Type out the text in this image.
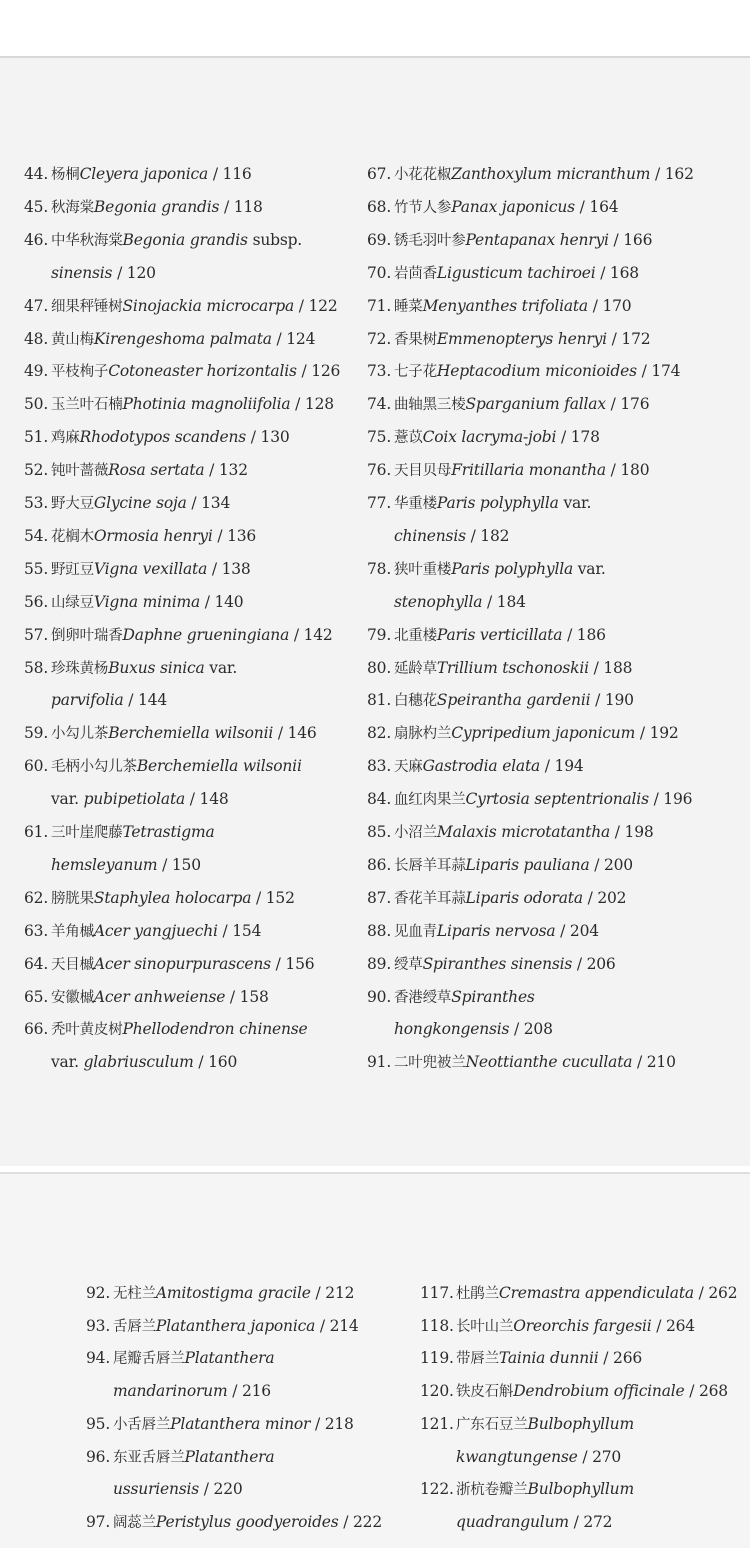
44. 杨桐Cleyera japonica / 116
45. 秋海棠Begonia grandis / 118
46. 中华秋海棠Begonia grandis subsp.
sinensis / 120
47. 细果秤锤树Sinojackia microcarpa / 122
48. 黄山梅Kirengeshoma palmata / 124
49. 平枝栒子Cotoneaster horizontalis / 126
50. 玉兰叶石楠Photinia magnoliifolia / 128
51. 鸡麻Rhodotypos scandens / 130
52. 钝叶蔷薇Rosa sertata / 132
53. 野大豆Glycine soja / 134
54. 花榈木Ormosia henryi / 136
55. 野豇豆Vigna vexillata / 138
56. 山绿豆Vigna minima / 140
57. 倒卵叶瑞香Daphne grueningiana / 142
58. 珍珠黄杨Buxus sinica var.
parvifolia / 144
59. 小勾儿茶Berchemiella wilsonii / 146
60. 毛柄小勾儿茶Berchemiella wilsonii
var. pubipetiolata / 148
61. 三叶崖爬藤Tetrastigma
hemsleyanum / 150
62. 膀胱果Staphylea holocarpa / 152
63. 羊角槭Acer yangjuechi / 154
64. 天目槭Acer sinopurpurascens / 156
65. 安徽槭Acer anhweiense / 158
66. 秃叶黄皮树Phellodendron chinense
var. glabriusculum / 160
67. 小花花椒Zanthoxylum micranthum / 162
68. 竹节人参Panax japonicus / 164
69. 锈毛羽叶参Pentapanax henryi / 166
70. 岩茴香Ligusticum tachiroei / 168
71. 睡菜Menyanthes trifoliata / 170
72. 香果树Emmenopterys henryi / 172
73. 七子花Heptacodium miconioides / 174
74. 曲轴黑三棱Sparganium fallax / 176
75. 薏苡Coix lacryma-jobi / 178
76. 天目贝母Fritillaria monantha / 180
77. 华重楼Paris polyphylla var.
chinensis / 182
78. 狭叶重楼Paris polyphylla var.
stenophylla / 184
79. 北重楼Paris verticillata / 186
80. 延龄草Trillium tschonoskii / 188
81. 白穗花Speirantha gardenii / 190
82. 扇脉杓兰Cypripedium japonicum / 192
83. 天麻Gastrodia elata / 194
84. 血红肉果兰Cyrtosia septentrionalis / 196
85. 小沼兰Malaxis microtatantha / 198
86. 长唇羊耳蒜Liparis pauliana / 200
87. 香花羊耳蒜Liparis odorata / 202
88. 见血青Liparis nervosa / 204
89. 绶草Spiranthes sinensis / 206
90. 香港绶草Spiranthes
hongkongensis / 208
91. 二叶兜被兰Neottianthe cucullata / 210
92. 无柱兰Amitostigma gracile / 212
93. 舌唇兰Platanthera japonica / 214
94. 尾瓣舌唇兰Platanthera
mandarinorum / 216
95. 小舌唇兰Platanthera minor / 218
96. 东亚舌唇兰Platanthera
ussuriensis / 220
97. 阔蕊兰Peristylus goodyeroides / 222
117. 杜鹃兰Cremastra appendiculata / 262
118. 长叶山兰Oreorchis fargesii / 264
119. 带唇兰Tainia dunnii / 266
120. 铁皮石斛Dendrobium officinale / 268
121. 广东石豆兰Bulbophyllum
kwangtungense / 270
122. 浙杭卷瓣兰Bulbophyllum
quadrangulum / 272
